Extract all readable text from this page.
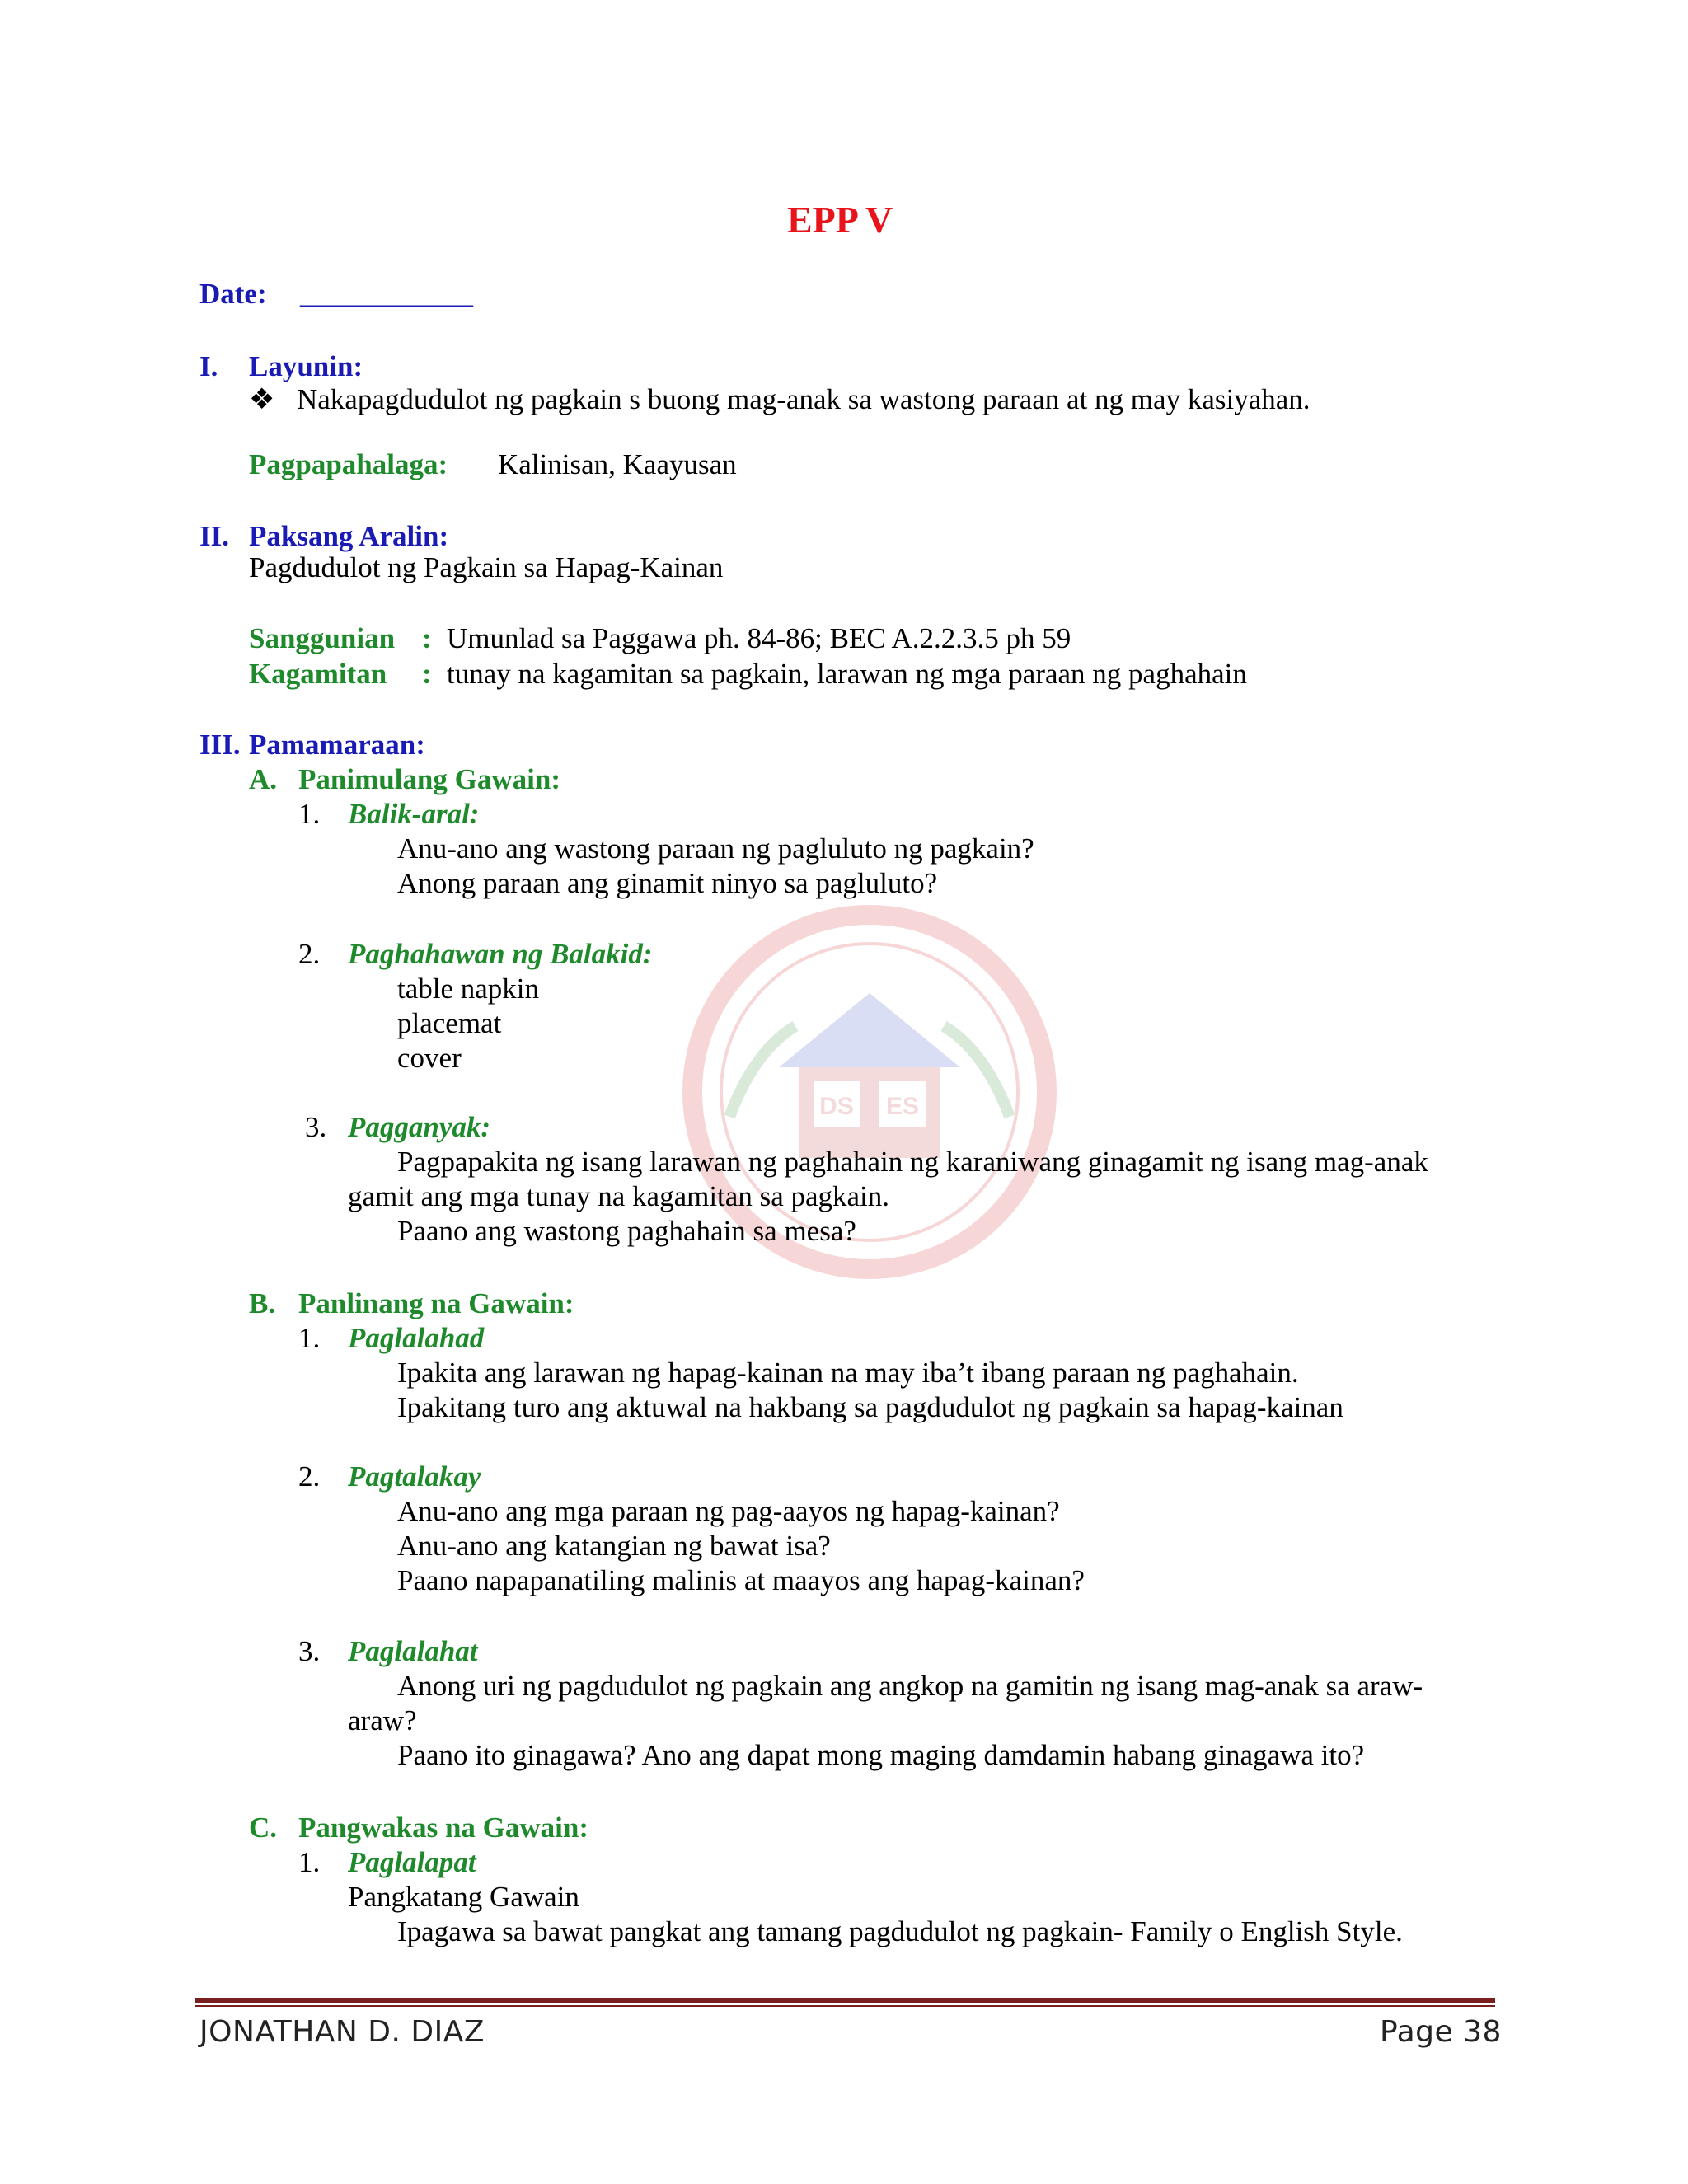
DS ES
EPP V
Date: ____________
I. Layunin:
❖ Nakapagdudulot ng pagkain s buong mag-anak sa wastong paraan at ng may kasiyahan.
Pagpapahalaga: Kalinisan, Kaayusan
II. Paksang Aralin:
Pagdudulot ng Pagkain sa Hapag-Kainan
Sanggunian : Umunlad sa Paggawa ph. 84-86; BEC A.2.2.3.5 ph 59
Kagamitan : tunay na kagamitan sa pagkain, larawan ng mga paraan ng paghahain
III. Pamamaraan:
A. Panimulang Gawain:
1. Balik-aral:
Anu-ano ang wastong paraan ng pagluluto ng pagkain?
Anong paraan ang ginamit ninyo sa pagluluto?
2. Paghahawan ng Balakid:
table napkin
placemat
cover
3. Pagganyak:
Pagpapakita ng isang larawan ng paghahain ng karaniwang ginagamit ng isang mag-anak
gamit ang mga tunay na kagamitan sa pagkain.
Paano ang wastong paghahain sa mesa?
B. Panlinang na Gawain:
1. Paglalahad
Ipakita ang larawan ng hapag-kainan na may iba’t ibang paraan ng paghahain.
Ipakitang turo ang aktuwal na hakbang sa pagdudulot ng pagkain sa hapag-kainan
2. Pagtalakay
Anu-ano ang mga paraan ng pag-aayos ng hapag-kainan?
Anu-ano ang katangian ng bawat isa?
Paano napapanatiling malinis at maayos ang hapag-kainan?
3. Paglalahat
Anong uri ng pagdudulot ng pagkain ang angkop na gamitin ng isang mag-anak sa araw-
araw?
Paano ito ginagawa? Ano ang dapat mong maging damdamin habang ginagawa ito?
C. Pangwakas na Gawain:
1. Paglalapat
Pangkatang Gawain
Ipagawa sa bawat pangkat ang tamang pagdudulot ng pagkain- Family o English Style.
JONATHAN D. DIAZ	Page 38
